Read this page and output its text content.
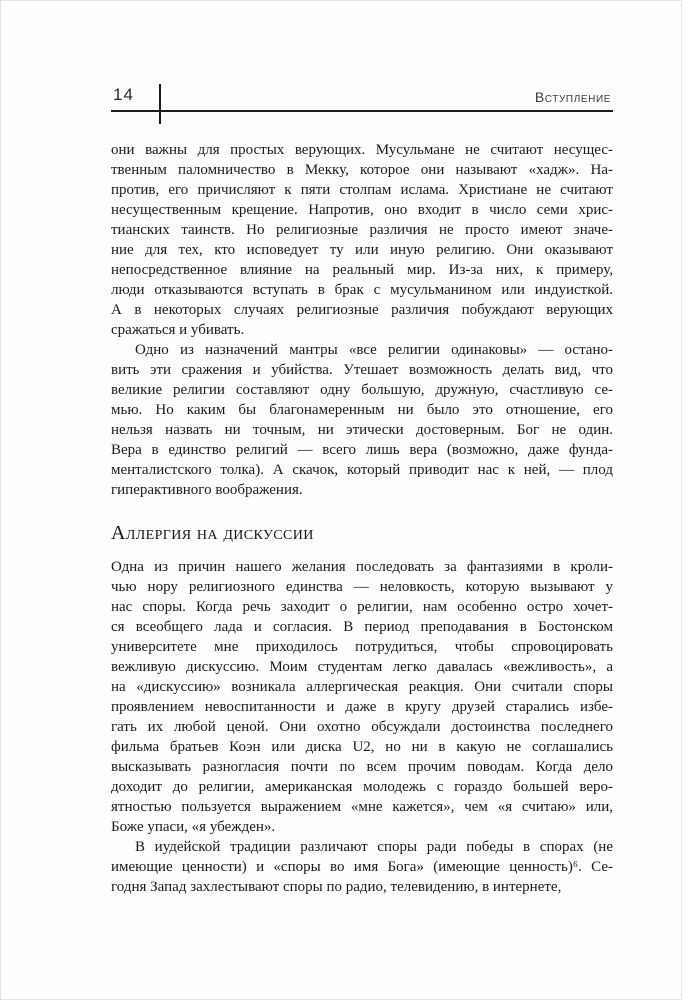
14	Вступление
они важны для простых верующих. Мусульмане не считают несущес-
твенным паломничество в Мекку, которое они называют «хадж». На-
против, его причисляют к пяти столпам ислама. Христиане не считают
несущественным крещение. Напротив, оно входит в число семи хрис-
тианских таинств. Но религиозные различия не просто имеют значе-
ние для тех, кто исповедует ту или иную религию. Они оказывают
непосредственное влияние на реальный мир. Из-за них, к примеру,
люди отказываются вступать в брак с мусульманином или индуисткой.
А в некоторых случаях религиозные различия побуждают верующих
сражаться и убивать.
Одно из назначений мантры «все религии одинаковы» — остано-
вить эти сражения и убийства. Утешает возможность делать вид, что
великие религии составляют одну большую, дружную, счастливую се-
мью. Но каким бы благонамеренным ни было это отношение, его
нельзя назвать ни точным, ни этически достоверным. Бог не один.
Вера в единство религий — всего лишь вера (возможно, даже фунда-
менталистского толка). А скачок, который приводит нас к ней, — плод
гиперактивного воображения.
Аллергия на дискуссии
Одна из причин нашего желания последовать за фантазиями в кроли-
чью нору религиозного единства — неловкость, которую вызывают у
нас споры. Когда речь заходит о религии, нам особенно остро хочет-
ся всеобщего лада и согласия. В период преподавания в Бостонском
университете мне приходилось потрудиться, чтобы спровоцировать
вежливую дискуссию. Моим студентам легко давалась «вежливость», а
на «дискуссию» возникала аллергическая реакция. Они считали споры
проявлением невоспитанности и даже в кругу друзей старались избе-
гать их любой ценой. Они охотно обсуждали достоинства последнего
фильма братьев Коэн или диска U2, но ни в какую не соглашались
высказывать разногласия почти по всем прочим поводам. Когда дело
доходит до религии, американская молодежь с гораздо большей веро-
ятностью пользуется выражением «мне кажется», чем «я считаю» или,
Боже упаси, «я убежден».
В иудейской традиции различают споры ради победы в спорах (не
имеющие ценности) и «споры во имя Бога» (имеющие ценность)⁶. Се-
годня Запад захлестывают споры по радио, телевидению, в интернете,
